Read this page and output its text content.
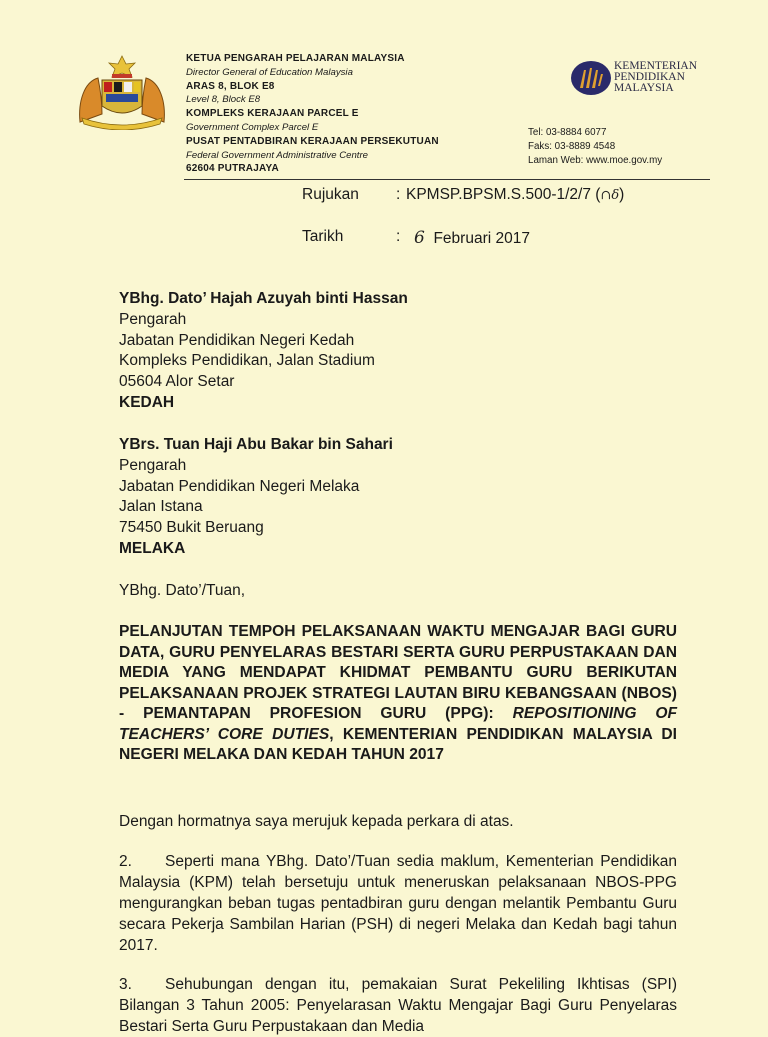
KETUA PENGARAH PELAJARAN MALAYSIA
Director General of Education Malaysia
ARAS 8, BLOK E8
Level 8, Block E8
KOMPLEKS KERAJAAN PARCEL E
Government Complex Parcel E
PUSAT PENTADBIRAN KERAJAAN PERSEKUTUAN
Federal Government Administrative Centre
62604 PUTRAJAYA
KEMENTERIAN
PENDIDIKAN
MALAYSIA
Tel: 03-8884 6077
Faks: 03-8889 4548
Laman Web: www.moe.gov.my
Rujukan : KPMSP.BPSM.S.500-1/2/7 (∩δ)
Tarikh	: 6 Februari 2017
YBhg. Dato’ Hajah Azuyah binti Hassan
Pengarah
Jabatan Pendidikan Negeri Kedah
Kompleks Pendidikan, Jalan Stadium
05604 Alor Setar
KEDAH
YBrs. Tuan Haji Abu Bakar bin Sahari
Pengarah
Jabatan Pendidikan Negeri Melaka
Jalan Istana
75450 Bukit Beruang
MELAKA
YBhg. Dato’/Tuan,
PELANJUTAN TEMPOH PELAKSANAAN WAKTU MENGAJAR BAGI GURU DATA, GURU PENYELARAS BESTARI SERTA GURU PERPUSTAKAAN DAN MEDIA YANG MENDAPAT KHIDMAT PEMBANTU GURU BERIKUTAN PELAKSANAAN PROJEK STRATEGI LAUTAN BIRU KEBANGSAAN (NBOS) - PEMANTAPAN PROFESION GURU (PPG): REPOSITIONING OF TEACHERS’ CORE DUTIES, KEMENTERIAN PENDIDIKAN MALAYSIA DI NEGERI MELAKA DAN KEDAH TAHUN 2017
Dengan hormatnya saya merujuk kepada perkara di atas.
2. Seperti mana YBhg. Dato’/Tuan sedia maklum, Kementerian Pendidikan Malaysia (KPM) telah bersetuju untuk meneruskan pelaksanaan NBOS-PPG mengurangkan beban tugas pentadbiran guru dengan melantik Pembantu Guru secara Pekerja Sambilan Harian (PSH) di negeri Melaka dan Kedah bagi tahun 2017.
3. Sehubungan dengan itu, pemakaian Surat Pekeliling Ikhtisas (SPI) Bilangan 3 Tahun 2005: Penyelarasan Waktu Mengajar Bagi Guru Penyelaras Bestari Serta Guru Perpustakaan dan Media
